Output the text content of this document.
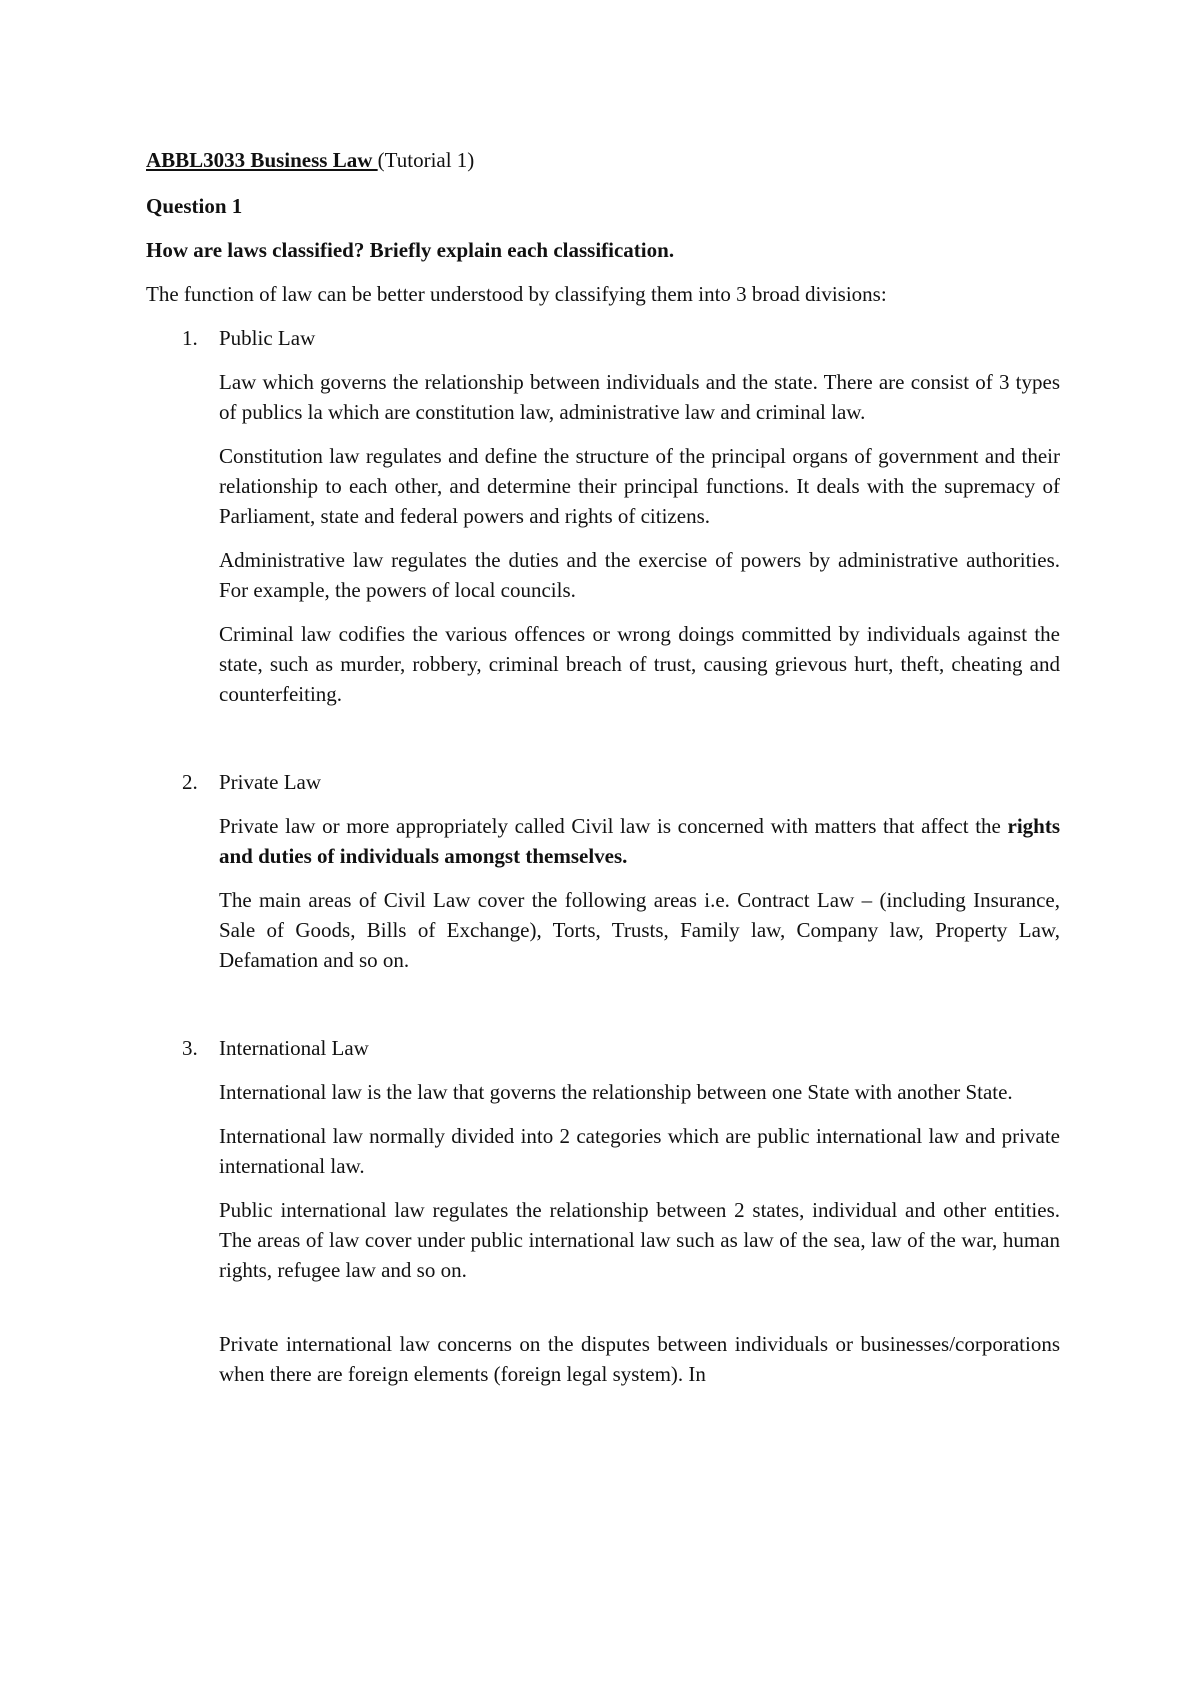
ABBL3033 Business Law (Tutorial 1)

Question 1

How are laws classified? Briefly explain each classification.

The function of law can be better understood by classifying them into 3 broad divisions:

1. Public Law

Law which governs the relationship between individuals and the state. There are consist of 3 types of publics la which are constitution law, administrative law and criminal law.

Constitution law regulates and define the structure of the principal organs of government and their relationship to each other, and determine their principal functions. It deals with the supremacy of Parliament, state and federal powers and rights of citizens.

Administrative law regulates the duties and the exercise of powers by administrative authorities. For example, the powers of local councils.

Criminal law codifies the various offences or wrong doings committed by individuals against the state, such as murder, robbery, criminal breach of trust, causing grievous hurt, theft, cheating and counterfeiting.

2. Private Law

Private law or more appropriately called Civil law is concerned with matters that affect the rights and duties of individuals amongst themselves.

The main areas of Civil Law cover the following areas i.e. Contract Law – (including Insurance, Sale of Goods, Bills of Exchange), Torts, Trusts, Family law, Company law, Property Law, Defamation and so on.

3. International Law

International law is the law that governs the relationship between one State with another State.

International law normally divided into 2 categories which are public international law and private international law.

Public international law regulates the relationship between 2 states, individual and other entities. The areas of law cover under public international law such as law of the sea, law of the war, human rights, refugee law and so on.

Private international law concerns on the disputes between individuals or businesses/corporations when there are foreign elements (foreign legal system). In
